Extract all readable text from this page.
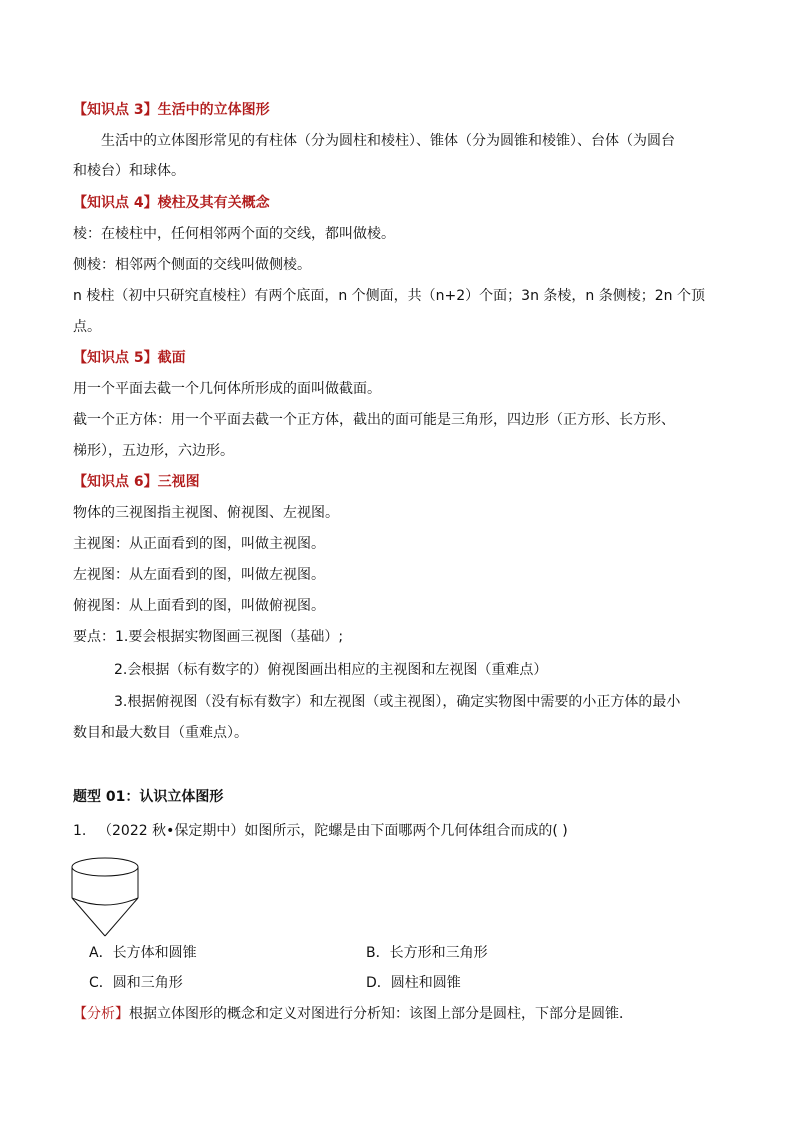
【知识点 3】生活中的立体图形
生活中的立体图形常见的有柱体（分为圆柱和棱柱）、锥体（分为圆锥和棱锥）、台体（为圆台
和棱台）和球体。
【知识点 4】棱柱及其有关概念
棱：在棱柱中，任何相邻两个面的交线，都叫做棱。
侧棱：相邻两个侧面的交线叫做侧棱。
n 棱柱（初中只研究直棱柱）有两个底面，n 个侧面，共（n+2）个面；3n 条棱，n 条侧棱；2n 个顶
点。
【知识点 5】截面
用一个平面去截一个几何体所形成的面叫做截面。
截一个正方体：用一个平面去截一个正方体，截出的面可能是三角形，四边形（正方形、长方形、
梯形），五边形，六边形。
【知识点 6】三视图
物体的三视图指主视图、俯视图、左视图。
主视图：从正面看到的图，叫做主视图。
左视图：从左面看到的图，叫做左视图。
俯视图：从上面看到的图，叫做俯视图。
要点：1.要会根据实物图画三视图（基础）;
2.会根据（标有数字的）俯视图画出相应的主视图和左视图（重难点）
3.根据俯视图（没有标有数字）和左视图（或主视图），确定实物图中需要的小正方体的最小
数目和最大数目（重难点）。
题型 01：认识立体图形
1. （2022 秋•保定期中）如图所示，陀螺是由下面哪两个几何体组合而成的( )
A．长方体和圆锥	B．长方形和三角形
C．圆和三角形	D．圆柱和圆锥
【分析】根据立体图形的概念和定义对图进行分析知：该图上部分是圆柱，下部分是圆锥．
